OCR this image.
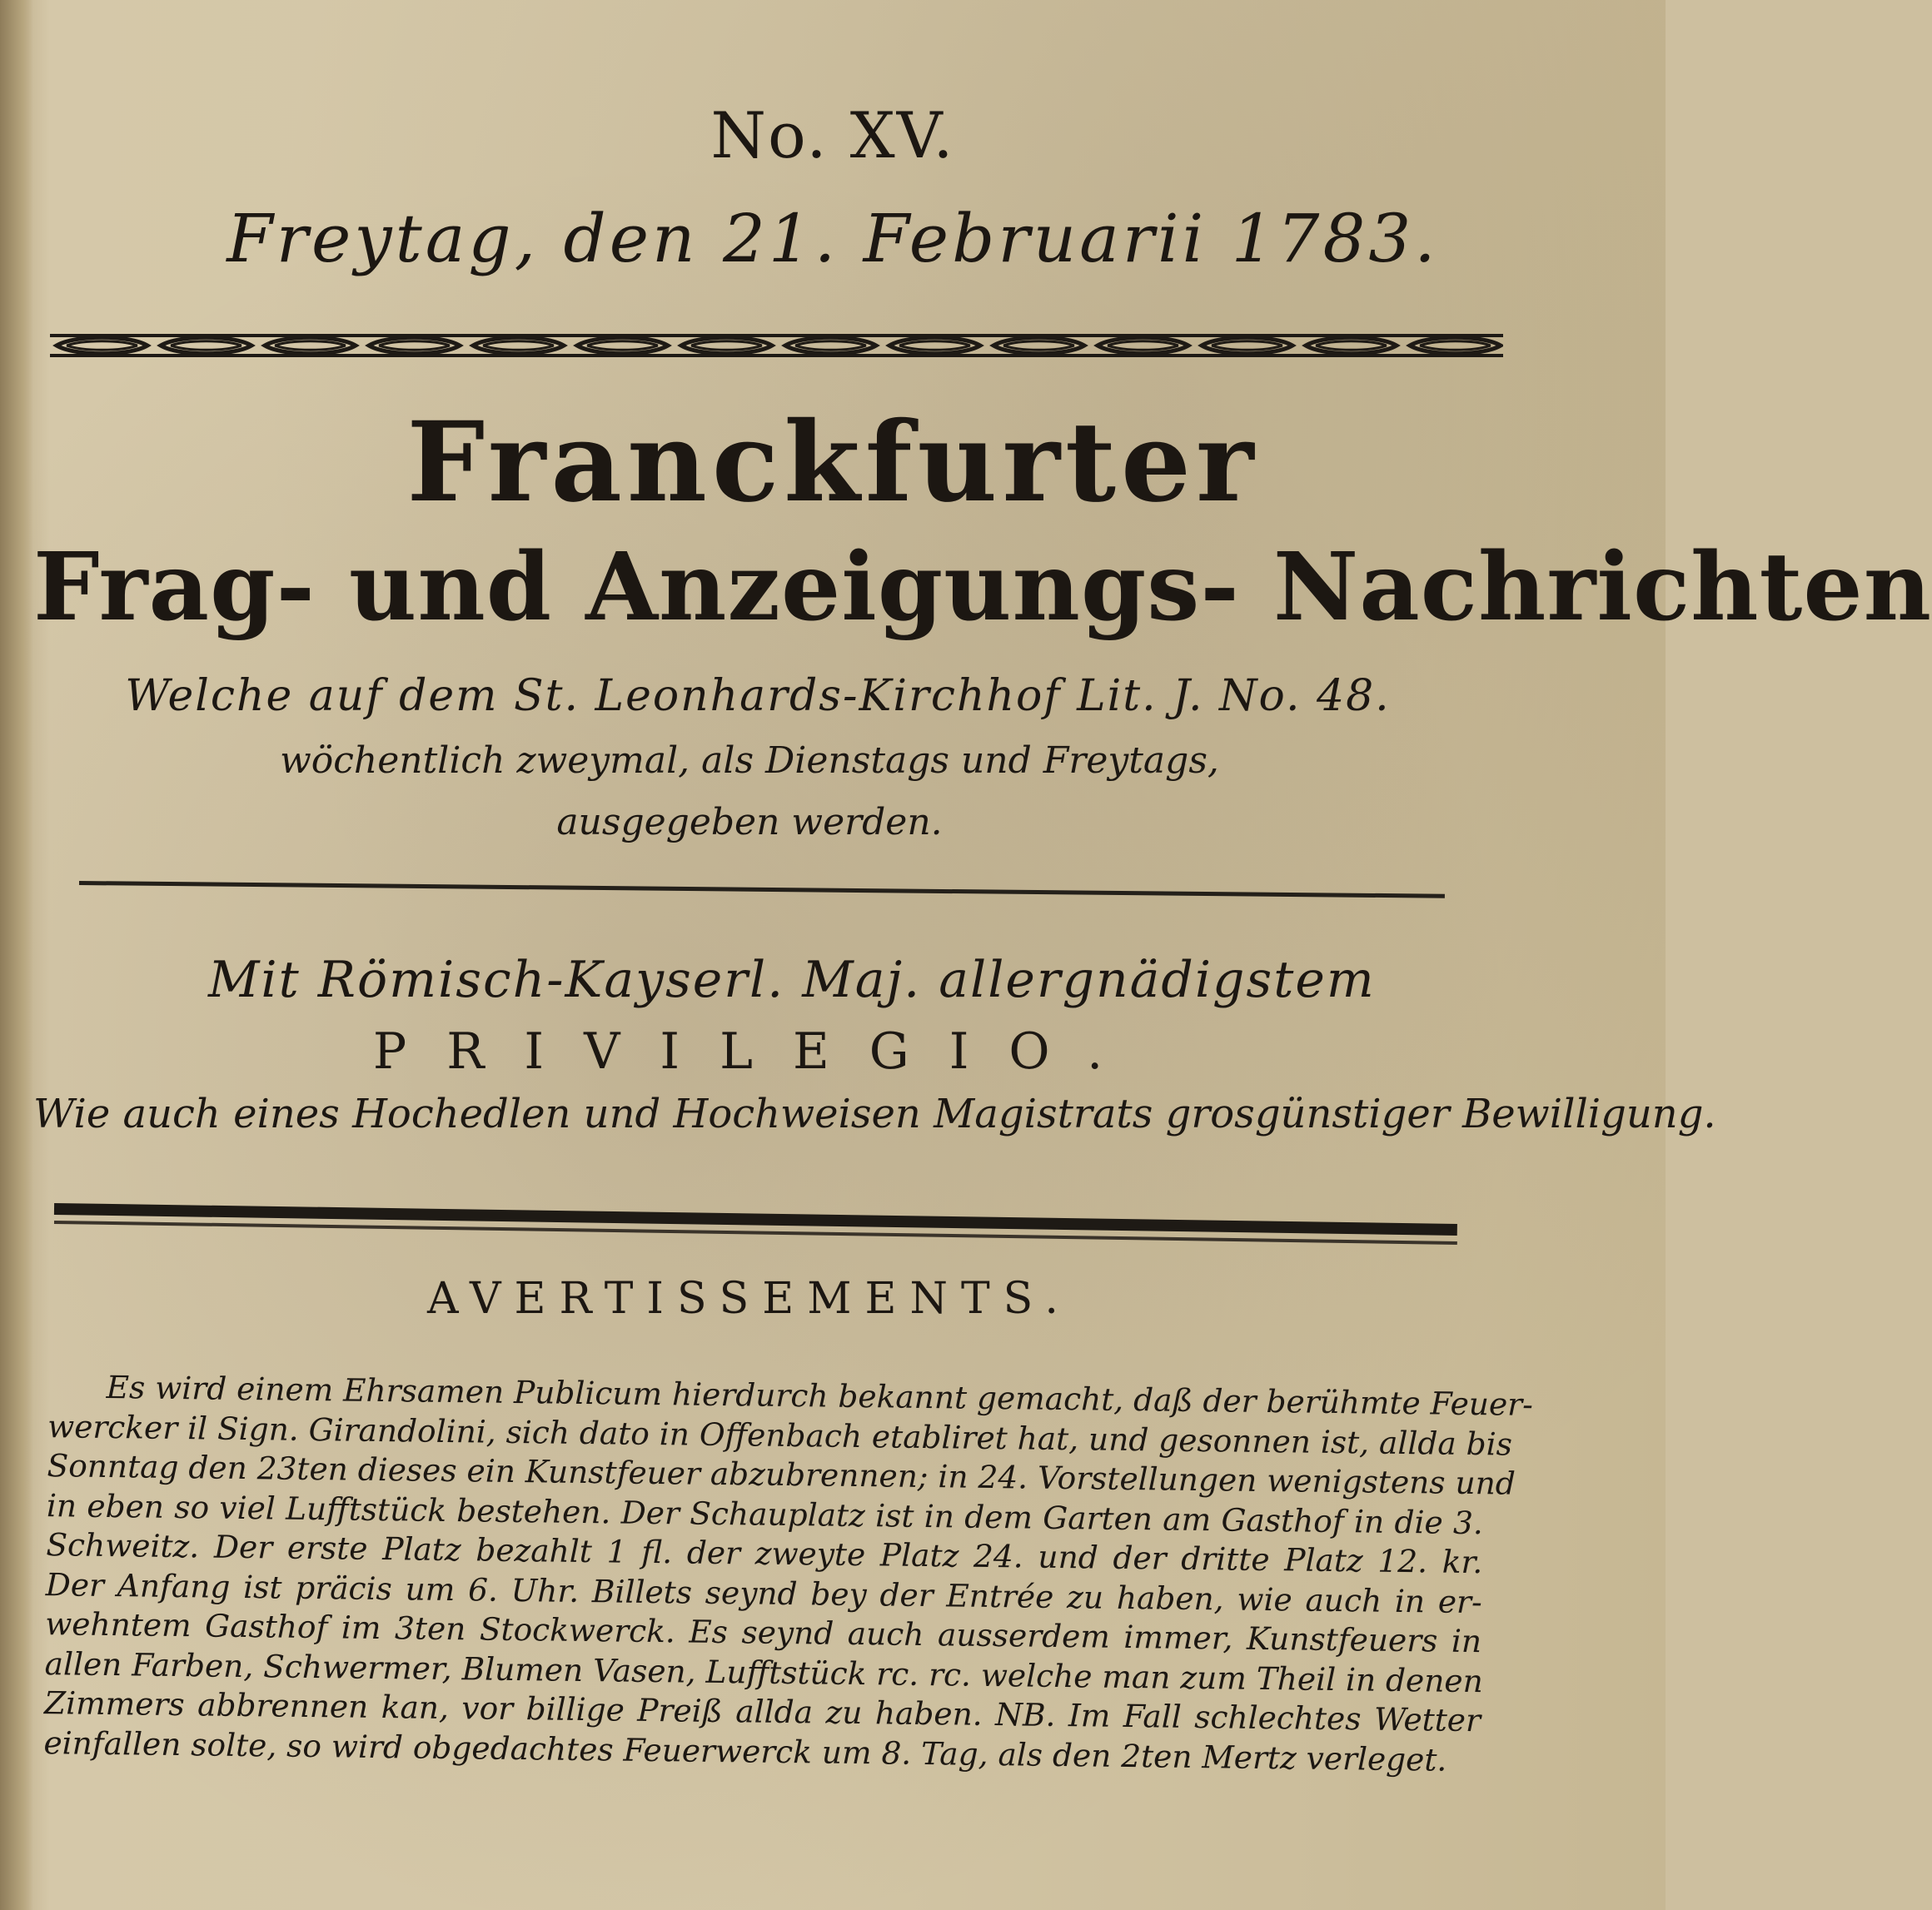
No. XV.
Freytag, den 21. Februarii 1783.
Franckfurter
Frag- und Anzeigungs- Nachrichten
Welche auf dem St. Leonhards-Kirchhof Lit. J. No. 48.
wöchentlich zweymal, als Dienstags und Freytags,
ausgegeben werden.
Mit Römisch-Kayserl. Maj. allergnädigstem
PRIVILEGIO.
Wie auch eines Hochedlen und Hochweisen Magistrats grosgünstiger Bewilligung.
AVERTISSEMENTS.
Es wird einem Ehrsamen Publicum hierdurch bekannt gemacht, daß der berühmte Feuer-
wercker il Sign. Girandolini, sich dato in Offenbach etabliret hat, und gesonnen ist, allda bis
Sonntag den 23ten dieses ein Kunstfeuer abzubrennen; in 24. Vorstellungen wenigstens und
in eben so viel Lufftstück bestehen. Der Schauplatz ist in dem Garten am Gasthof in die 3.
Schweitz. Der erste Platz bezahlt 1 fl. der zweyte Platz 24. und der dritte Platz 12. kr.
Der Anfang ist präcis um 6. Uhr. Billets seynd bey der Entrée zu haben, wie auch in er-
wehntem Gasthof im 3ten Stockwerck. Es seynd auch ausserdem immer, Kunstfeuers in
allen Farben, Schwermer, Blumen Vasen, Lufftstück rc. rc. welche man zum Theil in denen
Zimmers abbrennen kan, vor billige Preiß allda zu haben. NB. Im Fall schlechtes Wetter
einfallen solte, so wird obgedachtes Feuerwerck um 8. Tag, als den 2ten Mertz verleget.
